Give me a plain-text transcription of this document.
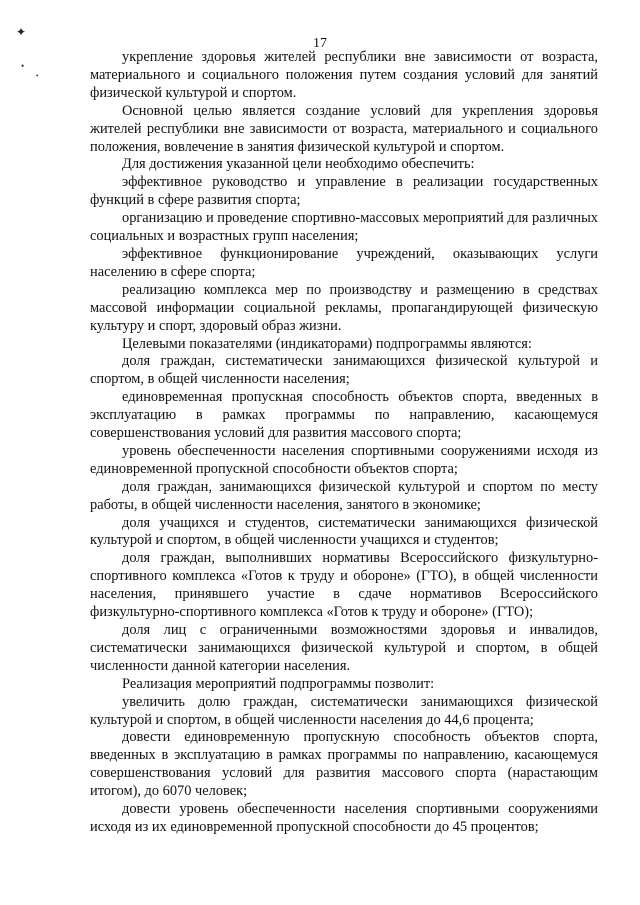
✦
•
•
17

укрепление здоровья жителей республики вне зависимости от возраста, материального и социального положения путем создания условий для занятий физической культурой и спортом.

Основной целью является создание условий для укрепления здоровья жителей республики вне зависимости от возраста, материального и социального положения, вовлечение в занятия физической культурой и спортом.

Для достижения указанной цели необходимо обеспечить:

эффективное руководство и управление в реализации государственных функций в сфере развития спорта;

организацию и проведение спортивно-массовых мероприятий для различных социальных и возрастных групп населения;

эффективное функционирование учреждений, оказывающих услуги населению в сфере спорта;

реализацию комплекса мер по производству и размещению в средствах массовой информации социальной рекламы, пропагандирующей физическую культуру и спорт, здоровый образ жизни.

Целевыми показателями (индикаторами) подпрограммы являются:

доля граждан, систематически занимающихся физической культурой и спортом, в общей численности населения;

единовременная пропускная способность объектов спорта, введенных в эксплуатацию в рамках программы по направлению, касающемуся совершенствования условий для развития массового спорта;

уровень обеспеченности населения спортивными сооружениями исходя из единовременной пропускной способности объектов спорта;

доля граждан, занимающихся физической культурой и спортом по месту работы, в общей численности населения, занятого в экономике;

доля учащихся и студентов, систематически занимающихся физической культурой и спортом, в общей численности учащихся и студентов;

доля граждан, выполнивших нормативы Всероссийского физкультурно-спортивного комплекса «Готов к труду и обороне» (ГТО), в общей численности населения, принявшего участие в сдаче нормативов Всероссийского физкультурно-спортивного комплекса «Готов к труду и обороне» (ГТО);

доля лиц с ограниченными возможностями здоровья и инвалидов, систематически занимающихся физической культурой и спортом, в общей численности данной категории населения.

Реализация мероприятий подпрограммы позволит:

увеличить долю граждан, систематически занимающихся физической культурой и спортом, в общей численности населения до 44,6 процента;

довести единовременную пропускную способность объектов спорта, введенных в эксплуатацию в рамках программы по направлению, касающемуся совершенствования условий для развития массового спорта (нарастающим итогом), до 6070 человек;

довести уровень обеспеченности населения спортивными сооружениями исходя из их единовременной пропускной способности до 45 процентов;
